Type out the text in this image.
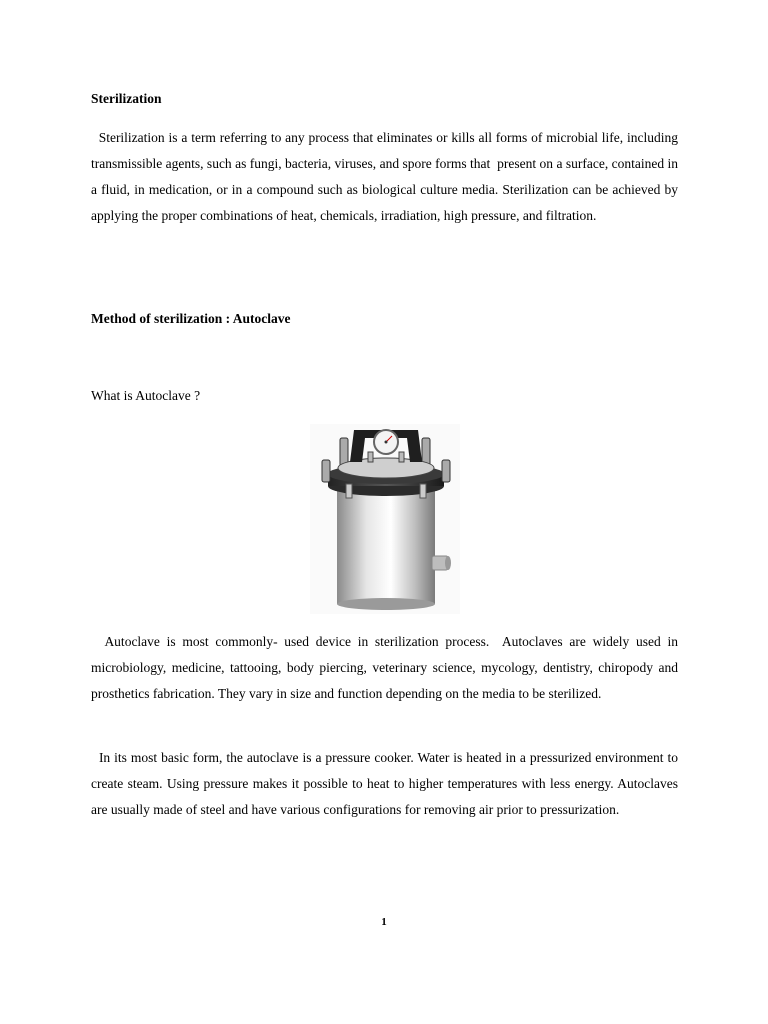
Sterilization

Sterilization is a term referring to any process that eliminates or kills all forms of microbial life, including transmissible agents, such as fungi, bacteria, viruses, and spore forms that  present on a surface, contained in a fluid, in medication, or in a compound such as biological culture media. Sterilization can be achieved by applying the proper combinations of heat, chemicals, irradiation, high pressure, and filtration.

Method of sterilization : Autoclave

What is Autoclave ?

Autoclave is most commonly- used device in sterilization process.  Autoclaves are widely used in microbiology, medicine, tattooing, body piercing, veterinary science, mycology, dentistry, chiropody and prosthetics fabrication. They vary in size and function depending on the media to be sterilized.

In its most basic form, the autoclave is a pressure cooker. Water is heated in a pressurized environment to create steam. Using pressure makes it possible to heat to higher temperatures with less energy. Autoclaves are usually made of steel and have various configurations for removing air prior to pressurization.

1
